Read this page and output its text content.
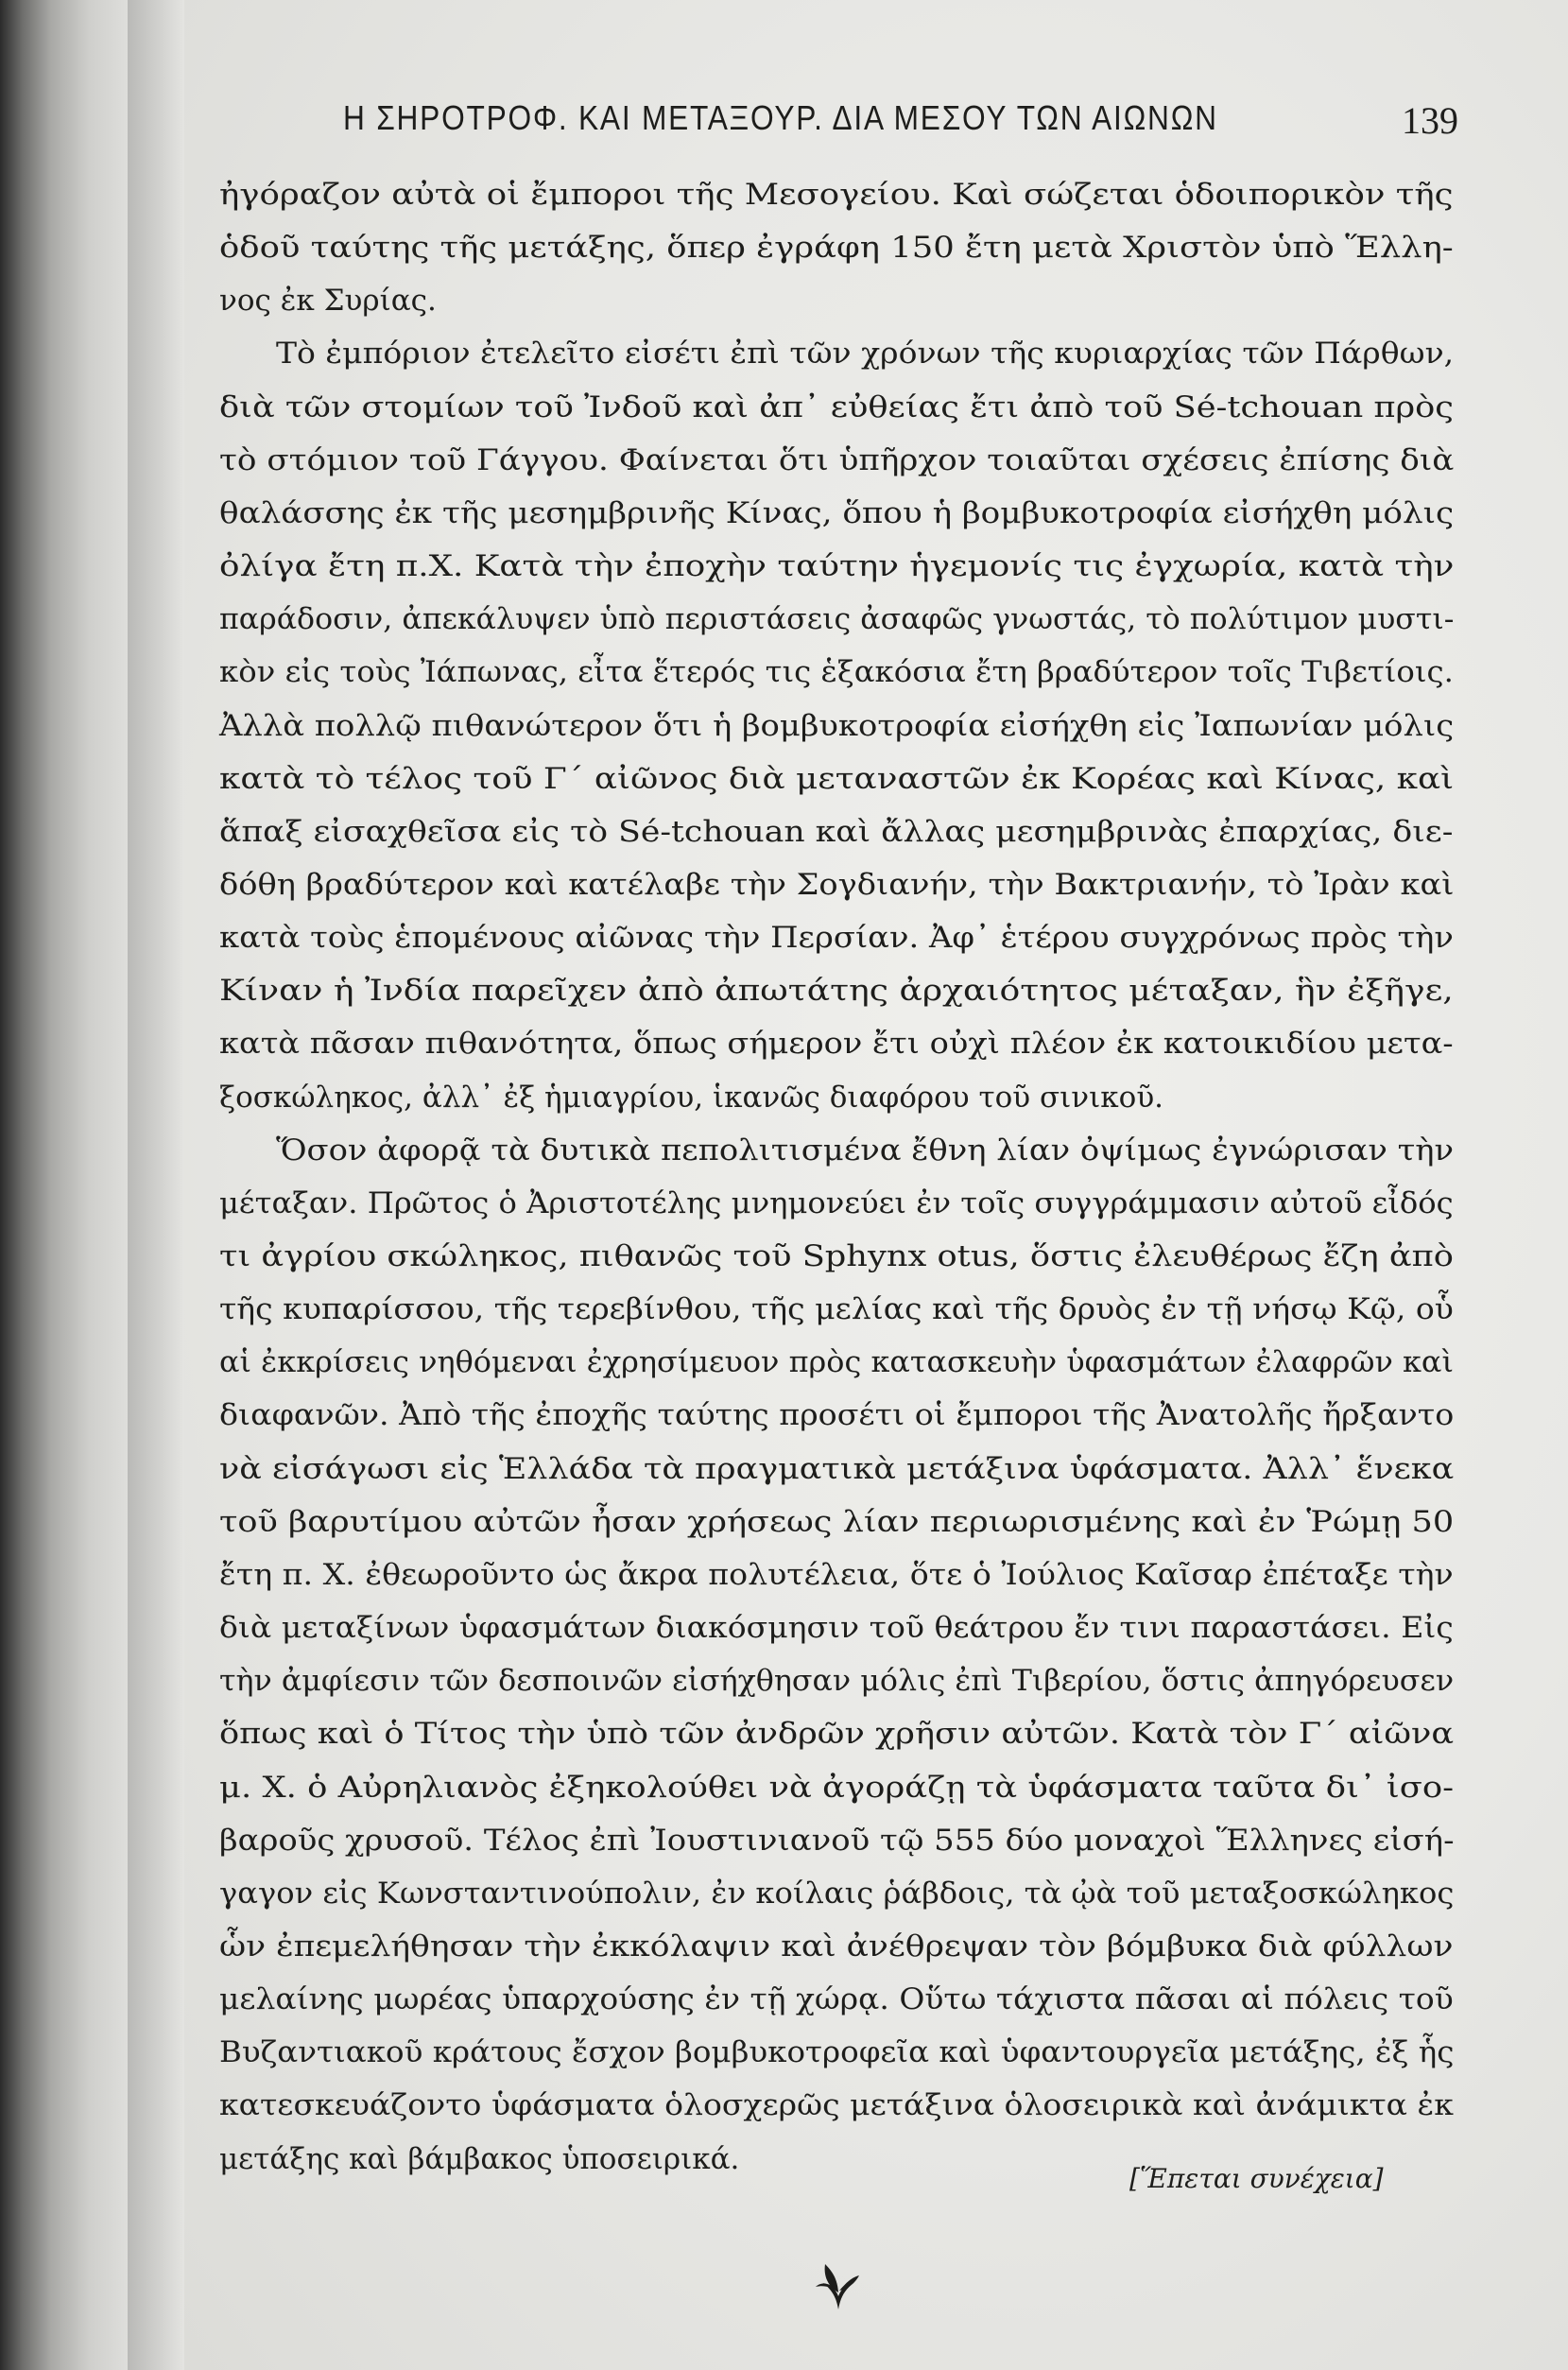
Η ΣΗΡΟΤΡΟΦ. ΚΑΙ ΜΕΤΑΞΟΥΡ. ΔΙΑ ΜΕΣΟΥ ΤΩΝ ΑΙΩΝΩΝ	139
ἠγόραζον αὐτὰ οἱ ἔμποροι τῆς Μεσογείου. Καὶ σώζεται ὁδοιπορικὸν τῆς
ὁδοῦ ταύτης τῆς μετάξης, ὅπερ ἐγράφη 150 ἔτη μετὰ Χριστὸν ὑπὸ Ἕλλη-
νος ἐκ Συρίας.
Τὸ ἐμπόριον ἐτελεῖτο εἰσέτι ἐπὶ τῶν χρόνων τῆς κυριαρχίας τῶν Πάρθων,
διὰ τῶν στομίων τοῦ Ἰνδοῦ καὶ ἀπ᾿ εὐθείας ἔτι ἀπὸ τοῦ Sé-tchouan πρὸς
τὸ στόμιον τοῦ Γάγγου. Φαίνεται ὅτι ὑπῆρχον τοιαῦται σχέσεις ἐπίσης διὰ
θαλάσσης ἐκ τῆς μεσημβρινῆς Κίνας, ὅπου ἡ βομβυκοτροφία εἰσήχθη μόλις
ὀλίγα ἔτη π.Χ. Κατὰ τὴν ἐποχὴν ταύτην ἡγεμονίς τις ἐγχωρία, κατὰ τὴν
παράδοσιν, ἀπεκάλυψεν ὑπὸ περιστάσεις ἀσαφῶς γνωστάς, τὸ πολύτιμον μυστι-
κὸν εἰς τοὺς Ἰάπωνας, εἶτα ἕτερός τις ἑξακόσια ἔτη βραδύτερον τοῖς Τιβετίοις.
Ἀλλὰ πολλῷ πιθανώτερον ὅτι ἡ βομβυκοτροφία εἰσήχθη εἰς Ἰαπωνίαν μόλις
κατὰ τὸ τέλος τοῦ Γ´ αἰῶνος διὰ μεταναστῶν ἐκ Κορέας καὶ Κίνας, καὶ
ἅπαξ εἰσαχθεῖσα εἰς τὸ Sé-tchouan καὶ ἄλλας μεσημβρινὰς ἐπαρχίας, διε-
δόθη βραδύτερον καὶ κατέλαβε τὴν Σογδιανήν, τὴν Βακτριανήν, τὸ Ἰρὰν καὶ
κατὰ τοὺς ἑπομένους αἰῶνας τὴν Περσίαν. Ἀφ᾿ ἑτέρου συγχρόνως πρὸς τὴν
Κίναν ἡ Ἰνδία παρεῖχεν ἀπὸ ἀπωτάτης ἀρχαιότητος μέταξαν, ἣν ἐξῆγε,
κατὰ πᾶσαν πιθανότητα, ὅπως σήμερον ἔτι οὐχὶ πλέον ἐκ κατοικιδίου μετα-
ξοσκώληκος, ἀλλ᾿ ἐξ ἡμιαγρίου, ἱκανῶς διαφόρου τοῦ σινικοῦ.
Ὅσον ἀφορᾷ τὰ δυτικὰ πεπολιτισμένα ἔθνη λίαν ὀψίμως ἐγνώρισαν τὴν
μέταξαν. Πρῶτος ὁ Ἀριστοτέλης μνημονεύει ἐν τοῖς συγγράμμασιν αὐτοῦ εἶδός
τι ἀγρίου σκώληκος, πιθανῶς τοῦ Sphynx otus, ὅστις ἐλευθέρως ἔζη ἀπὸ
τῆς κυπαρίσσου, τῆς τερεβίνθου, τῆς μελίας καὶ τῆς δρυὸς ἐν τῇ νήσῳ Κῷ, οὗ
αἱ ἐκκρίσεις νηθόμεναι ἐχρησίμευον πρὸς κατασκευὴν ὑφασμάτων ἐλαφρῶν καὶ
διαφανῶν. Ἀπὸ τῆς ἐποχῆς ταύτης προσέτι οἱ ἔμποροι τῆς Ἀνατολῆς ἤρξαντο
νὰ εἰσάγωσι εἰς Ἑλλάδα τὰ πραγματικὰ μετάξινα ὑφάσματα. Ἀλλ᾿ ἕνεκα
τοῦ βαρυτίμου αὐτῶν ἦσαν χρήσεως λίαν περιωρισμένης καὶ ἐν Ῥώμῃ 50
ἔτη π. Χ. ἐθεωροῦντο ὡς ἄκρα πολυτέλεια, ὅτε ὁ Ἰούλιος Καῖσαρ ἐπέταξε τὴν
διὰ μεταξίνων ὑφασμάτων διακόσμησιν τοῦ θεάτρου ἔν τινι παραστάσει. Εἰς
τὴν ἀμφίεσιν τῶν δεσποινῶν εἰσήχθησαν μόλις ἐπὶ Τιβερίου, ὅστις ἀπηγόρευσεν
ὅπως καὶ ὁ Τίτος τὴν ὑπὸ τῶν ἀνδρῶν χρῆσιν αὐτῶν. Κατὰ τὸν Γ´ αἰῶνα
μ. Χ. ὁ Αὐρηλιανὸς ἐξηκολούθει νὰ ἀγοράζῃ τὰ ὑφάσματα ταῦτα δι᾿ ἰσο-
βαροῦς χρυσοῦ. Τέλος ἐπὶ Ἰουστινιανοῦ τῷ 555 δύο μοναχοὶ Ἕλληνες εἰσή-
γαγον εἰς Κωνσταντινούπολιν, ἐν κοίλαις ῥάβδοις, τὰ ᾠὰ τοῦ μεταξοσκώληκος
ὧν ἐπεμελήθησαν τὴν ἐκκόλαψιν καὶ ἀνέθρεψαν τὸν βόμβυκα διὰ φύλλων
μελαίνης μωρέας ὑπαρχούσης ἐν τῇ χώρᾳ. Οὕτω τάχιστα πᾶσαι αἱ πόλεις τοῦ
Βυζαντιακοῦ κράτους ἔσχον βομβυκοτροφεῖα καὶ ὑφαντουργεῖα μετάξης, ἐξ ἧς
κατεσκευάζοντο ὑφάσματα ὁλοσχερῶς μετάξινα ὁλοσειρικὰ καὶ ἀνάμικτα ἐκ
μετάξης καὶ βάμβακος ὑποσειρικά.
[Ἕπεται συνέχεια]
